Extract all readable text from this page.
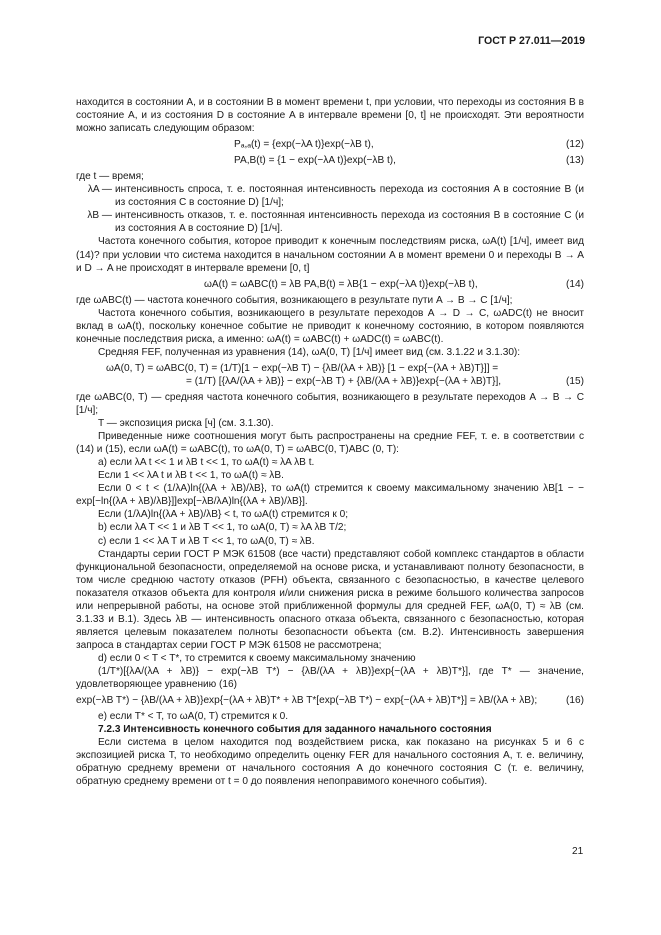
ГОСТ Р 27.011—2019
находится в состоянии A, и в состоянии B в момент времени t, при условии, что переходы из состояния B в состояние A, и из состояния D в состояние A в интервале времени [0, t] не происходят. Эти вероятности можно записать следующим образом:
Pₐ,ₐ(t) = {exp(−λA t)}exp(−λB t),	(12)
PA,B(t) = {1 − exp(−λA t)}exp(−λB t),	(13)
где t — время;
λA — интенсивность спроса, т. е. постоянная интенсивность перехода из состояния A в состояние B (и из состояния C в состояние D) [1/ч];
λB — интенсивность отказов, т. е. постоянная интенсивность перехода из состояния B в состояние C (и из состояния A в состояние D) [1/ч].
Частота конечного события, которое приводит к конечным последствиям риска, ωA(t) [1/ч], имеет вид (14)? при условии что система находится в начальном состоянии A в момент времени 0 и переходы B → A и D → A не происходят в интервале времени [0, t]
ωA(t) = ωABC(t) = λB PA,B(t) = λB{1 − exp(−λA t)}exp(−λB t),	(14)
где ωABC(t) — частота конечного события, возникающего в результате пути A → B → C [1/ч];
Частота конечного события, возникающего в результате переходов A → D → C, ωADC(t) не вносит вклад в ωA(t), поскольку конечное событие не приводит к конечному состоянию, в котором появляются конечные последствия риска, а именно: ωA(t) = ωABC(t) + ωADC(t) = ωABC(t).
Средняя FEF, полученная из уравнения (14), ωA(0, T) [1/ч] имеет вид (см. 3.1.22 и 3.1.30):
ωA(0, T) = ωABC(0, T) = (1/T)[1 − exp(−λB T) − {λB/(λA + λB)} [1 − exp{−(λA + λB)T}]] =
= (1/T) [{λA/(λA + λB)} − exp(−λB T) + {λB/(λA + λB)}exp{−(λA + λB)T}],	(15)
где ωABC(0, T) — средняя частота конечного события, возникающего в результате переходов A → B → C [1/ч];
T — экспозиция риска [ч] (см. 3.1.30).
Приведенные ниже соотношения могут быть распространены на средние FEF, т. е. в соответствии с (14) и (15), если ωA(t) = ωABC(t), то ωA(0, T) = ωABC(0, T)ABC (0, T):
а) если λA t << 1 и λB t << 1, то ωA(t) ≈ λA λB t.
Если 1 << λA t и λB t << 1, то ωA(t) ≈ λB.
Если 0 < t < (1/λA)ln{(λA + λB)/λB}, то ωA(t) стремится к своему максимальному значению λB[1 − − exp[−ln{(λA + λB)/λB}]]exp[−λB/λA)ln{(λA + λB)/λB}].
Если (1/λA)ln{(λA + λB)/λB} < t, то ωA(t) стремится к 0;
b) если λA T << 1 и λB T << 1, то ωA(0, T) ≈ λA λB T/2;
c) если 1 << λA T и λB T << 1, то ωA(0, T) ≈ λB.
Стандарты серии ГОСТ Р МЭК 61508 (все части) представляют собой комплекс стандартов в области функциональной безопасности, определяемой на основе риска, и устанавливают полноту безопасности, в том числе среднюю частоту отказов (PFH) объекта, связанного с безопасностью, в качестве целевого показателя отказов объекта для контроля и/или снижения риска в режиме большого количества запросов или непрерывной работы, на основе этой приближенной формулы для средней FEF, ωA(0, T) ≈ λB (см. 3.1.33 и B.1). Здесь λB — интенсивность опасного отказа объекта, связанного с безопасностью, которая является целевым показателем полноты безопасности объекта (см. B.2). Интенсивность завершения запроса в стандартах серии ГОСТ Р МЭК 61508 не рассмотрена;
d) если 0 < T < T*, то стремится к своему максимальному значению
(1/T*)[{λA/(λA + λB)} − exp(−λB T*) − {λB/(λA + λB)}exp{−(λA + λB)T*}], где T* — значение, удовлетворяющее уравнению (16)
exp(−λB T*) − {λB/(λA + λB)}exp{−(λA + λB)T* + λB T*[exp(−λB T*) − exp{−(λA + λB)T*}] = λB/(λA + λB);	(16)
e) если T* < T, то ωA(0, T) стремится к 0.
7.2.3 Интенсивность конечного события для заданного начального состояния
Если система в целом находится под воздействием риска, как показано на рисунках 5 и 6 с экспозицией риска T, то необходимо определить оценку FER для начального состояния A, т. е. величину, обратную среднему времени от начального состояния A до конечного состояния C (т. е. величину, обратную среднему времени от t = 0 до появления непоправимого конечного события).
21
